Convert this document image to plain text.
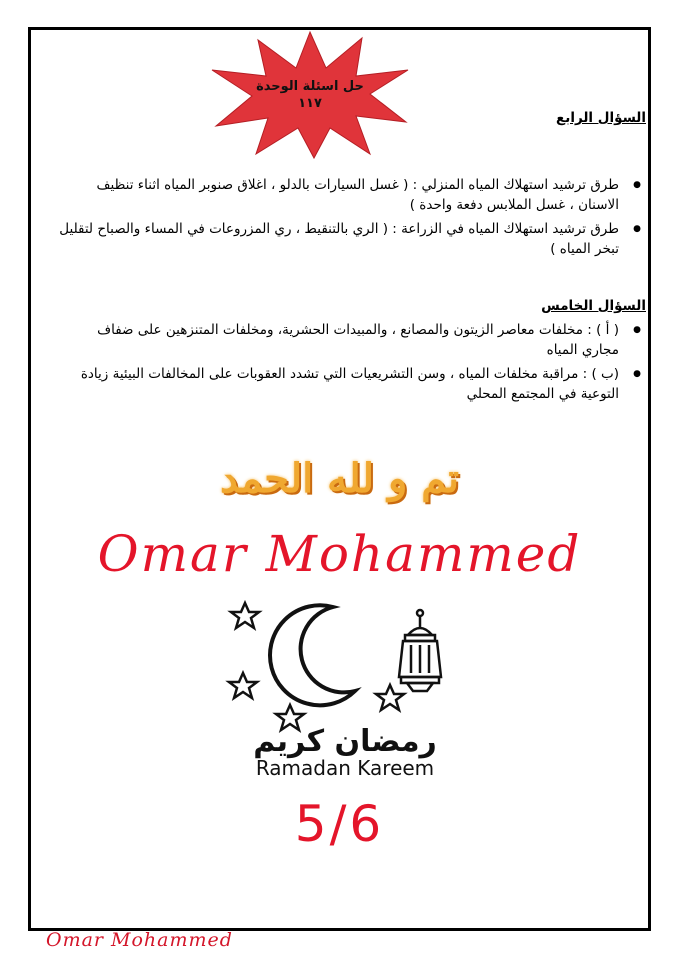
حل اسئلة الوحدة
١١٧
السؤال الرابع
● طرق ترشيد استهلاك المياه المنزلي : ( غسل السيارات بالدلو ، اغلاق صنوبر المياه اثناء تنظيف الاسنان ، غسل الملابس دفعة واحدة )
● طرق ترشيد استهلاك المياه في الزراعة : ( الري بالتنقيط ، ري المزروعات في المساء والصباح لتقليل تبخر المياه )
السؤال الخامس
● ( أ ) : مخلفات معاصر الزيتون والمصانع ، والمبيدات الحشرية، ومخلفات المتنزهين على ضفاف مجاري المياه
● (ب ) : مراقبة مخلفات المياه ، وسن التشريعيات التي تشدد العقوبات على المخالفات البيئية زيادة التوعية في المجتمع المحلي
تم و لله الحمد
Omar Mohammed
رمضان كريم
Ramadan Kareem
5/6
Omar Mohammed
